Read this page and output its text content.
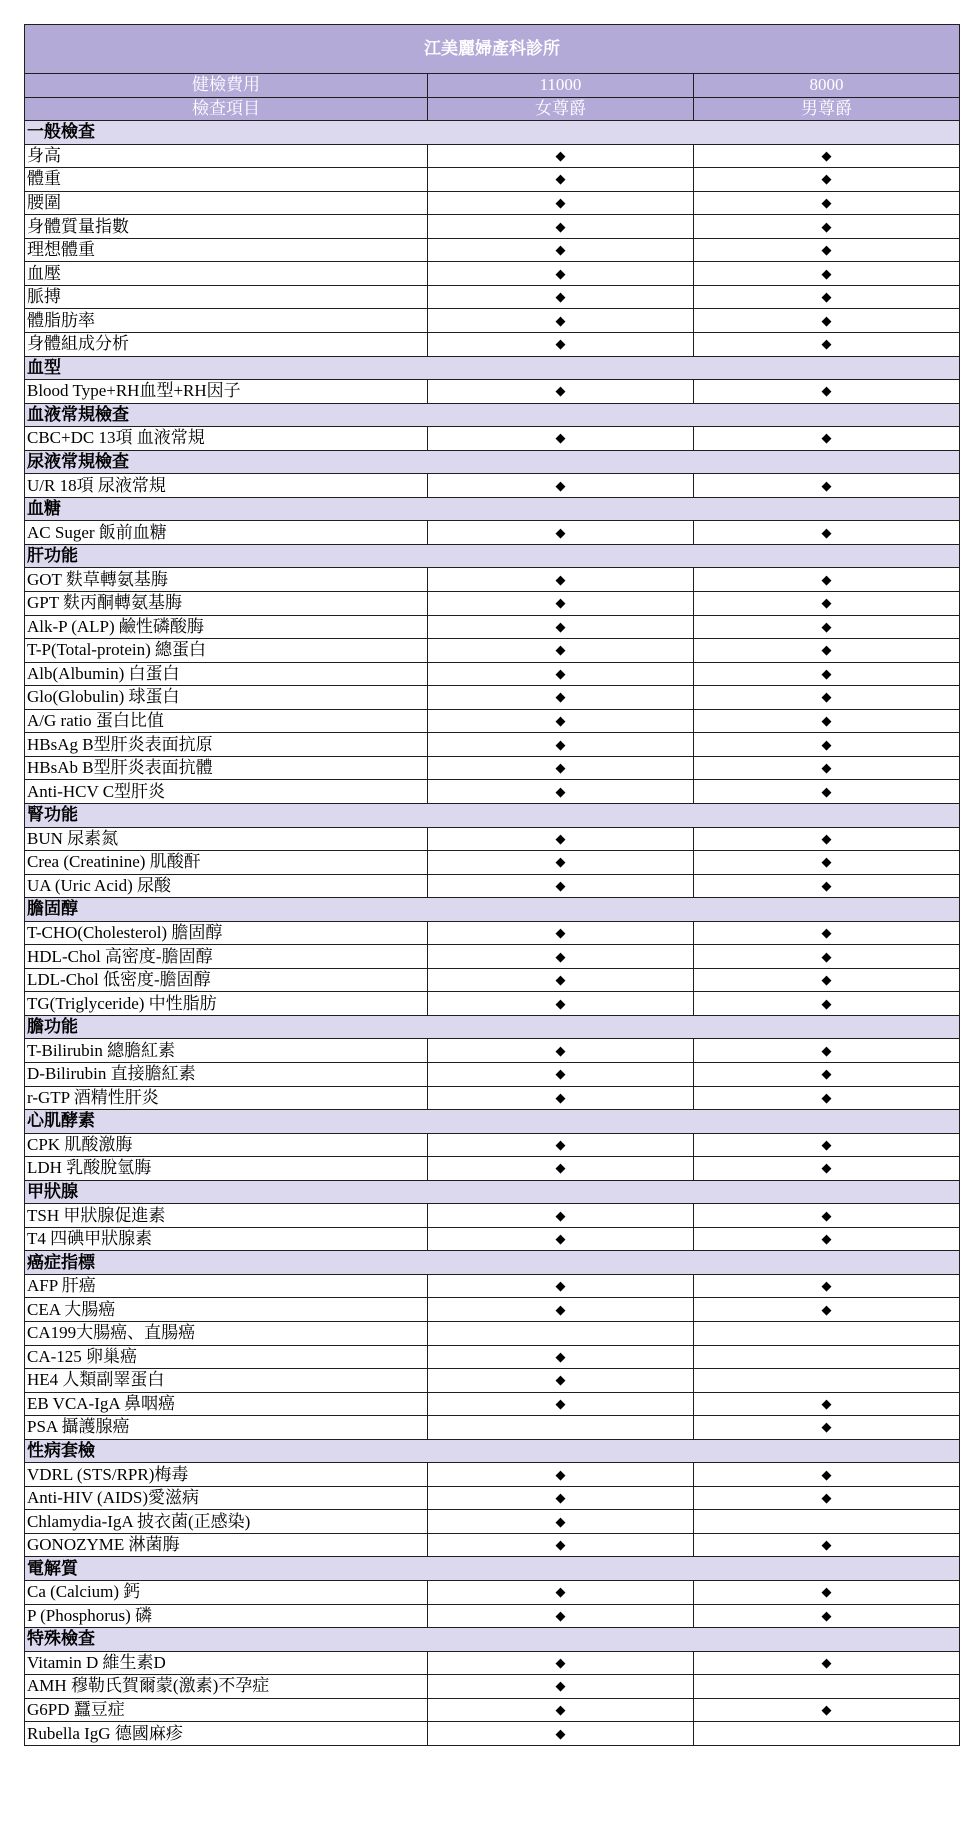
江美麗婦產科診所		
健檢費用	11000	8000
檢查項目	女尊爵	男尊爵
一般檢查		
身高	◆	◆
體重	◆	◆
腰圍	◆	◆
身體質量指數	◆	◆
理想體重	◆	◆
血壓	◆	◆
脈搏	◆	◆
體脂肪率	◆	◆
身體組成分析	◆	◆
血型		
Blood Type+RH血型+RH因子	◆	◆
血液常規檢查		
CBC+DC 13項 血液常規	◆	◆
尿液常規檢查		
U/R 18項 尿液常規	◆	◆
血糖		
AC Suger 飯前血糖	◆	◆
肝功能		
GOT 麩草轉氨基脢	◆	◆
GPT 麩丙酮轉氨基脢	◆	◆
Alk-P (ALP) 鹼性磷酸脢	◆	◆
T-P(Total-protein) 總蛋白	◆	◆
Alb(Albumin) 白蛋白	◆	◆
Glo(Globulin) 球蛋白	◆	◆
A/G ratio 蛋白比值	◆	◆
HBsAg B型肝炎表面抗原	◆	◆
HBsAb B型肝炎表面抗體	◆	◆
Anti-HCV C型肝炎	◆	◆
腎功能		
BUN 尿素氮	◆	◆
Crea (Creatinine) 肌酸酐	◆	◆
UA (Uric Acid) 尿酸	◆	◆
膽固醇		
T-CHO(Cholesterol) 膽固醇	◆	◆
HDL-Chol 高密度-膽固醇	◆	◆
LDL-Chol 低密度-膽固醇	◆	◆
TG(Triglyceride) 中性脂肪	◆	◆
膽功能		
T-Bilirubin 總膽紅素	◆	◆
D-Bilirubin 直接膽紅素	◆	◆
r-GTP 酒精性肝炎	◆	◆
心肌酵素		
CPK 肌酸激脢	◆	◆
LDH 乳酸脫氫脢	◆	◆
甲狀腺		
TSH 甲狀腺促進素	◆	◆
T4 四碘甲狀腺素	◆	◆
癌症指標		
AFP 肝癌	◆	◆
CEA 大腸癌	◆	◆
CA199大腸癌、直腸癌		
CA-125 卵巢癌	◆	
HE4 人類副睪蛋白	◆	
EB VCA-IgA 鼻咽癌	◆	◆
PSA 攝護腺癌		◆
性病套檢		
VDRL (STS/RPR)梅毒	◆	◆
Anti-HIV (AIDS)愛滋病	◆	◆
Chlamydia-IgA 披衣菌(正感染)	◆	
GONOZYME 淋菌脢	◆	◆
電解質		
Ca (Calcium) 鈣	◆	◆
P (Phosphorus) 磷	◆	◆
特殊檢查		
Vitamin D 維生素D	◆	◆
AMH 穆勒氏賀爾蒙(激素)不孕症	◆	
G6PD 蠶豆症	◆	◆
Rubella IgG 德國麻疹	◆	
